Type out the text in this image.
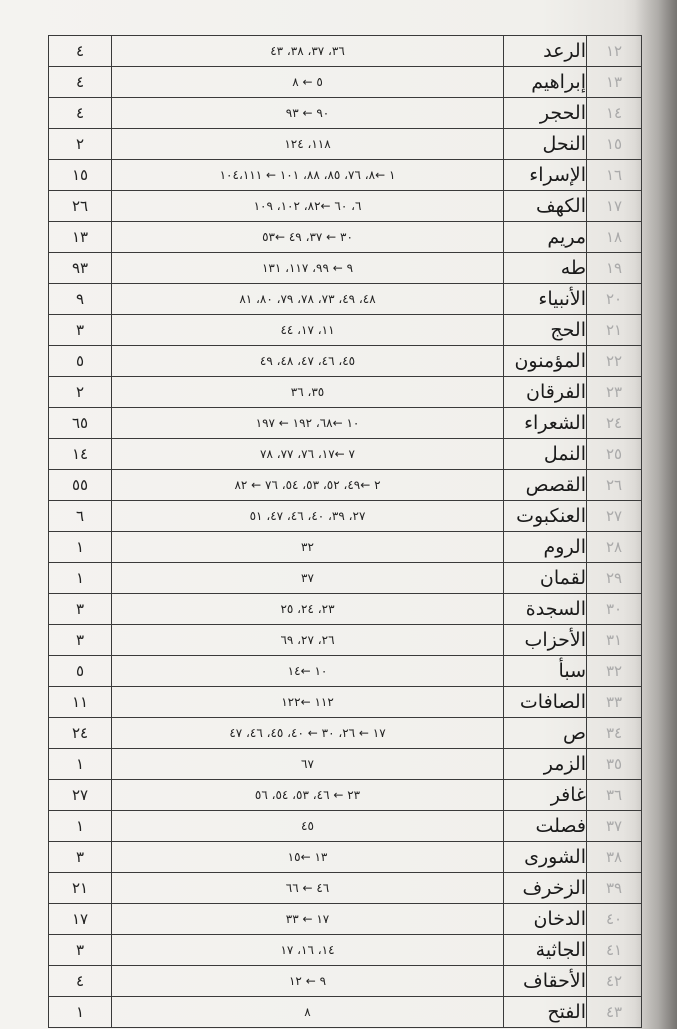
١٢	الرعد	٣٦، ٣٧، ٣٨، ٤٣	٤
١٣	إبراهيم	٥ ← ٨	٤
١٤	الحجر	٩٠ ← ٩٣	٤
١٥	النحل	١١٨، ١٢٤	٢
١٦	الإسراء	١ ←٨، ٧٦، ٨٥، ٨٨، ١٠١ ← ١٠٤،١١١	١٥
١٧	الكهف	٦، ٦٠ ←٨٢، ١٠٢، ١٠٩	٢٦
١٨	مريم	٣٠ ← ٣٧، ٤٩ ←٥٣	١٣
١٩	طه	٩ ← ٩٩، ١١٧، ١٣١	٩٣
٢٠	الأنبياء	٤٨، ٤٩، ٧٣، ٧٨، ٧٩، ٨٠، ٨١	٩
٢١	الحج	١١، ١٧، ٤٤	٣
٢٢	المؤمنون	٤٥، ٤٦، ٤٧، ٤٨، ٤٩	٥
٢٣	الفرقان	٣٥، ٣٦	٢
٢٤	الشعراء	١٠ ←٦٨، ١٩٢ ← ١٩٧	٦٥
٢٥	النمل	٧ ←١٧، ٧٦، ٧٧، ٧٨	١٤
٢٦	القصص	٢ ←٤٩، ٥٢، ٥٣، ٥٤، ٧٦ ← ٨٢	٥٥
٢٧	العنكبوت	٢٧، ٣٩، ٤٠، ٤٦، ٤٧، ٥١	٦
٢٨	الروم	٣٢	١
٢٩	لقمان	٣٧	١
٣٠	السجدة	٢٣، ٢٤، ٢٥	٣
٣١	الأحزاب	٢٦، ٢٧، ٦٩	٣
٣٢	سبأ	١٠ ←١٤	٥
٣٣	الصافات	١١٢ ←١٢٢	١١
٣٤	ص	١٧ ← ٢٦، ٣٠ ← ٤٠، ٤٥، ٤٦، ٤٧	٢٤
٣٥	الزمر	٦٧	١
٣٦	غافر	٢٣ ← ٤٦، ٥٣، ٥٤، ٥٦	٢٧
٣٧	فصلت	٤٥	١
٣٨	الشورى	١٣ ←١٥	٣
٣٩	الزخرف	٤٦ ← ٦٦	٢١
٤٠	الدخان	١٧ ← ٣٣	١٧
٤١	الجاثية	١٤، ١٦، ١٧	٣
٤٢	الأحقاف	٩ ← ١٢	٤
٤٣	الفتح	٨	١
